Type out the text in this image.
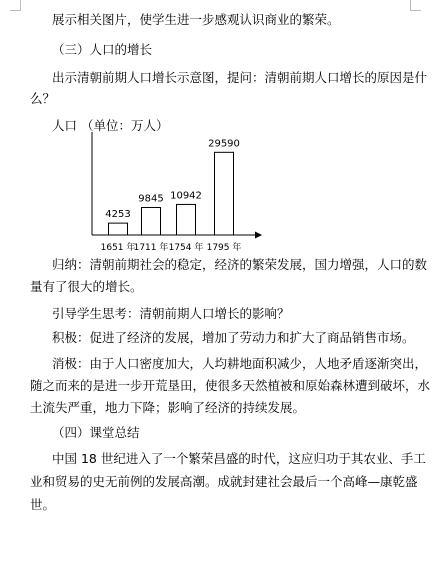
展示相关图片，使学生进一步感观认识商业的繁荣。
（三）人口的增长
出示清朝前期人口增长示意图，提问：清朝前期人口增长的原因是什
么？
人口 （单位：万人）
4253
1651 年
9845
1711 年
10942
1754 年
29590
1795 年
归纳：清朝前期社会的稳定，经济的繁荣发展，国力增强，人口的数
量有了很大的增长。
引导学生思考：清朝前期人口增长的影响？
积极：促进了经济的发展，增加了劳动力和扩大了商品销售市场。
消极：由于人口密度加大，人均耕地面积减少，人地矛盾逐渐突出，
随之而来的是进一步开荒垦田，使很多天然植被和原始森林遭到破坏，水
土流失严重，地力下降；影响了经济的持续发展。
（四）课堂总结
中国 18 世纪进入了一个繁荣昌盛的时代，这应归功于其农业、手工
业和贸易的史无前例的发展高潮。成就封建社会最后一个高峰—康乾盛
世。
